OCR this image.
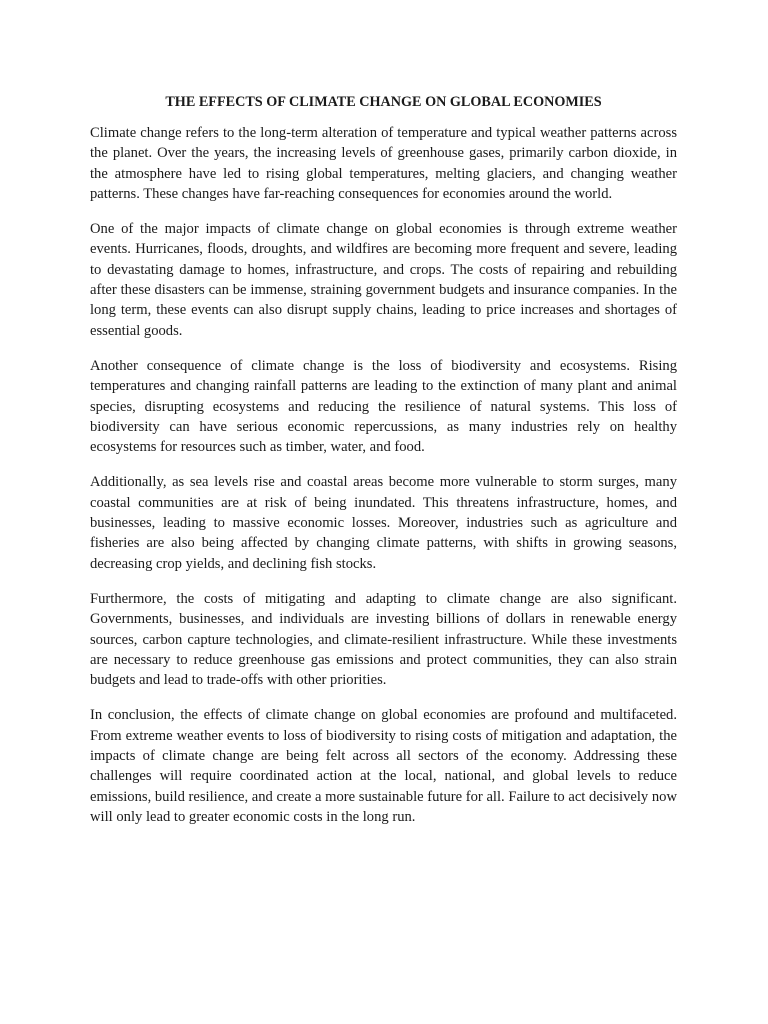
THE EFFECTS OF CLIMATE CHANGE ON GLOBAL ECONOMIES

Climate change refers to the long-term alteration of temperature and typical weather patterns across the planet. Over the years, the increasing levels of greenhouse gases, primarily carbon dioxide, in the atmosphere have led to rising global temperatures, melting glaciers, and changing weather patterns. These changes have far-reaching consequences for economies around the world.

One of the major impacts of climate change on global economies is through extreme weather events. Hurricanes, floods, droughts, and wildfires are becoming more frequent and severe, leading to devastating damage to homes, infrastructure, and crops. The costs of repairing and rebuilding after these disasters can be immense, straining government budgets and insurance companies. In the long term, these events can also disrupt supply chains, leading to price increases and shortages of essential goods.

Another consequence of climate change is the loss of biodiversity and ecosystems. Rising temperatures and changing rainfall patterns are leading to the extinction of many plant and animal species, disrupting ecosystems and reducing the resilience of natural systems. This loss of biodiversity can have serious economic repercussions, as many industries rely on healthy ecosystems for resources such as timber, water, and food.

Additionally, as sea levels rise and coastal areas become more vulnerable to storm surges, many coastal communities are at risk of being inundated. This threatens infrastructure, homes, and businesses, leading to massive economic losses. Moreover, industries such as agriculture and fisheries are also being affected by changing climate patterns, with shifts in growing seasons, decreasing crop yields, and declining fish stocks.

Furthermore, the costs of mitigating and adapting to climate change are also significant. Governments, businesses, and individuals are investing billions of dollars in renewable energy sources, carbon capture technologies, and climate-resilient infrastructure. While these investments are necessary to reduce greenhouse gas emissions and protect communities, they can also strain budgets and lead to trade-offs with other priorities.

In conclusion, the effects of climate change on global economies are profound and multifaceted. From extreme weather events to loss of biodiversity to rising costs of mitigation and adaptation, the impacts of climate change are being felt across all sectors of the economy. Addressing these challenges will require coordinated action at the local, national, and global levels to reduce emissions, build resilience, and create a more sustainable future for all. Failure to act decisively now will only lead to greater economic costs in the long run.
